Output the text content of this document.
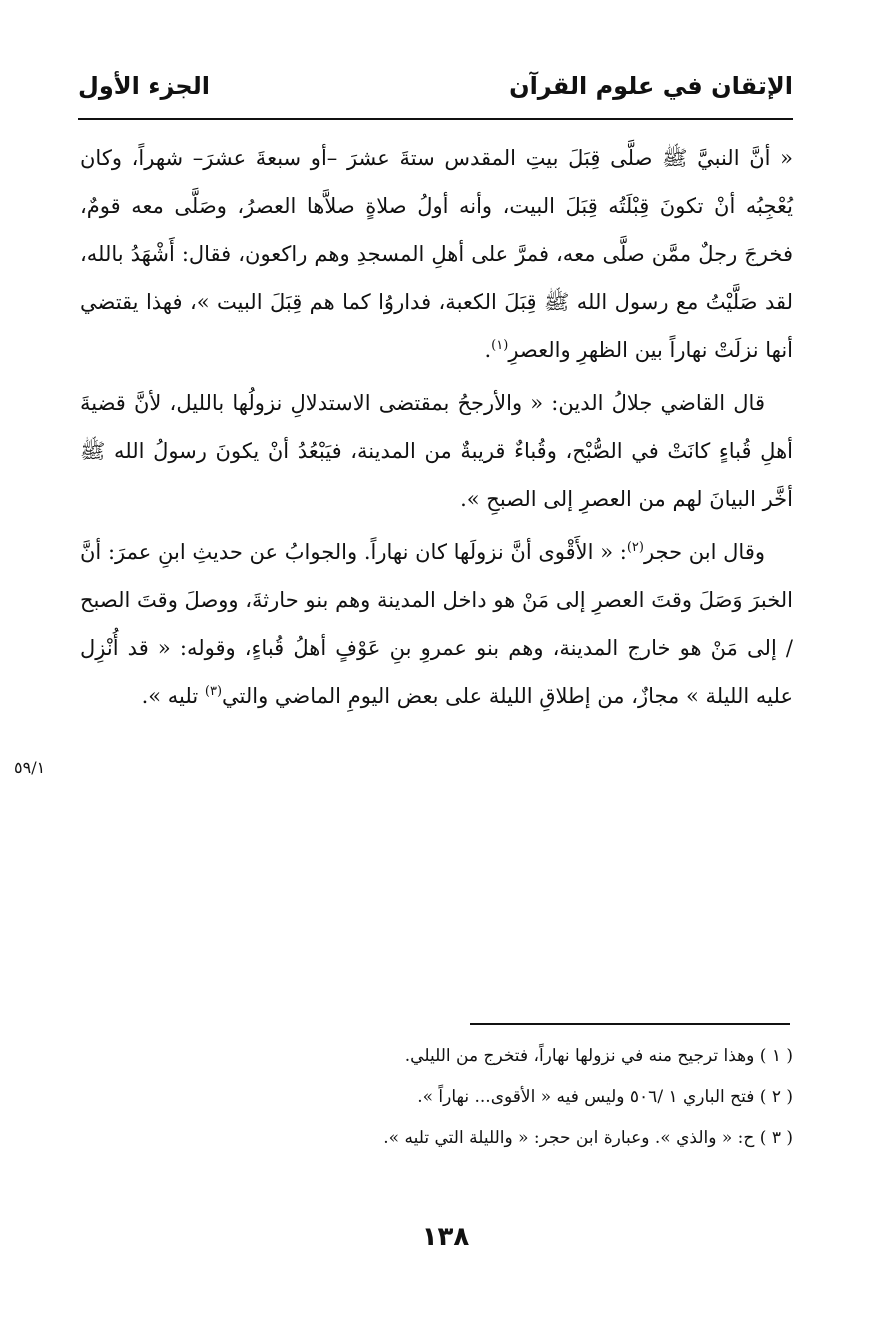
الإتقان في علوم القرآن
الجزء الأول

« أنَّ النبيَّ ﷺ صلَّى قِبَلَ بيتِ المقدس ستةَ عشرَ –أو سبعةَ عشرَ– شهراً، وكان يُعْجِبُه أنْ تكونَ قِبْلَتُه قِبَلَ البيت، وأنه أولُ صلاةٍ صلاَّها العصرُ، وصَلَّى معه قومٌ، فخرجَ رجلٌ ممَّن صلَّى معه، فمرَّ على أهلِ المسجدِ وهم راكعون، فقال: أَشْهَدُ بالله، لقد صَلَّيْتُ مع رسول الله ﷺ قِبَلَ الكعبة، فداروُا كما هم قِبَلَ البيت »، فهذا يقتضي أنها نزلَتْ نهاراً بين الظهرِ والعصرِ$^{(١)}$.

قال القاضي جلالُ الدين: « والأرجحُ بمقتضى الاستدلالِ نزولُها بالليل، لأنَّ قضيةَ أهلِ قُباءٍ كانَتْ في الصُّبْح، وقُباءٌ قريبةٌ من المدينة، فيَبْعُدُ أنْ يكونَ رسولُ الله ﷺ أخَّر البيانَ لهم من العصرِ إلى الصبحِ ».

وقال ابن حجر$^{(٢)}$: « الأَقْوى أنَّ نزولَها كان نهاراً. والجوابُ عن حديثِ ابنِ عمرَ: أنَّ الخبرَ وَصَلَ وقتَ العصرِ إلى مَنْ هو داخل المدينة وهم بنو حارثةَ، ووصلَ وقتَ الصبح / إلى مَنْ هو خارج المدينة، وهم بنو عمروِ بنِ عَوْفٍ أهلُ قُباءٍ، وقوله: « قد أُنْزِل عليه الليلة » مجازٌ، من إطلاقِ الليلة على بعض اليومِ الماضي والتي$^{(٣)}$ تليه ».

٥٩/١

( ١ ) وهذا ترجيح منه في نزولها نهاراً، فتخرج من الليلي.

( ٢ ) فتح الباري ١ /٥٠٦ وليس فيه « الأقوى... نهاراً ».

( ٣ ) ح: « والذي ». وعبارة ابن حجر: « والليلة التي تليه ».

١٣٨
